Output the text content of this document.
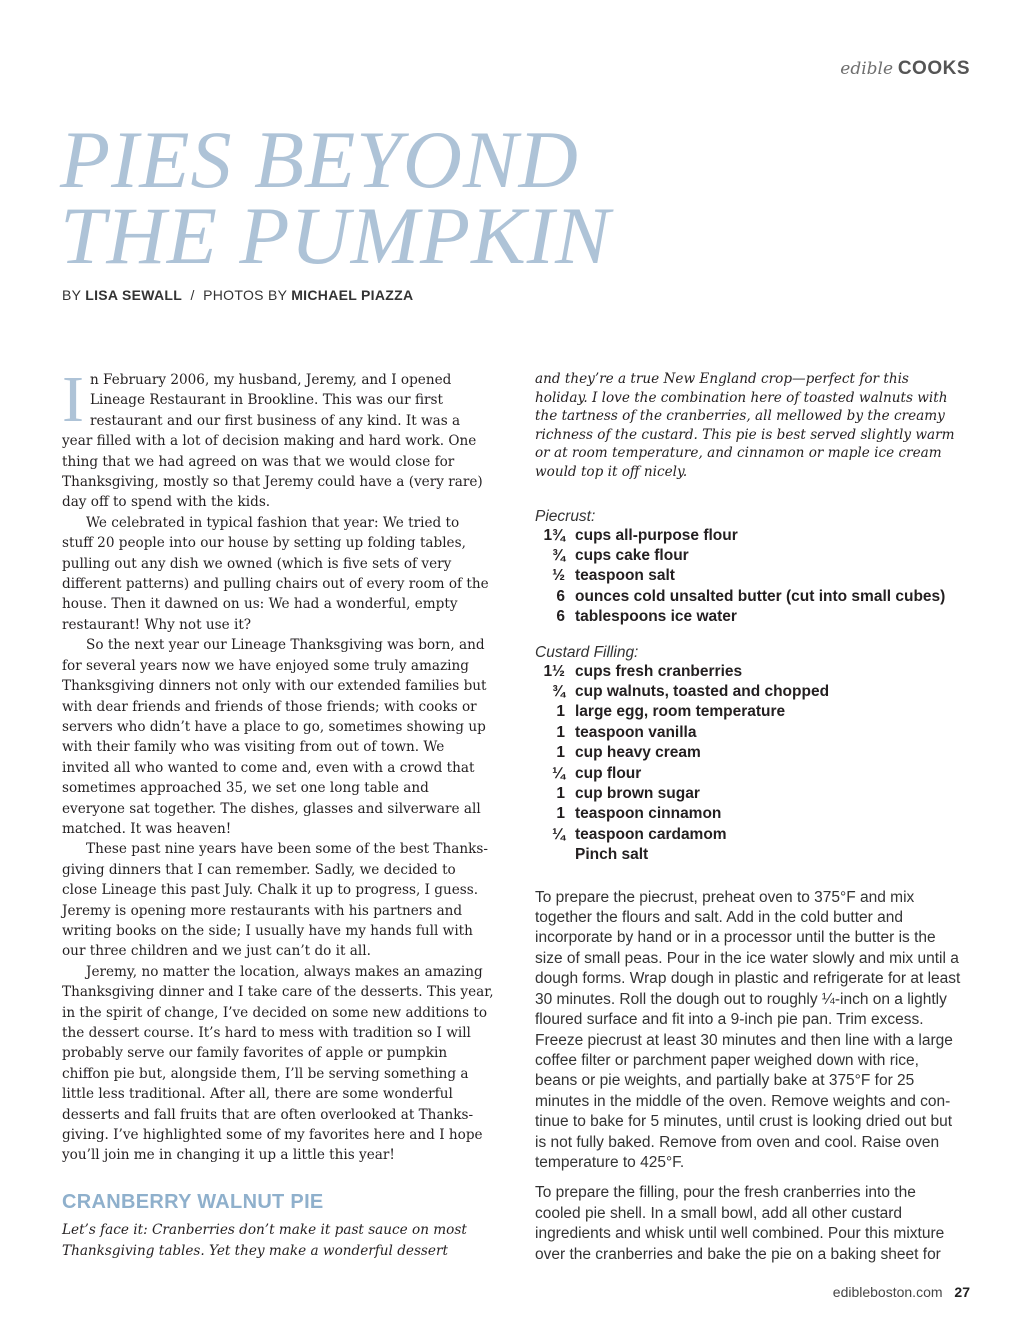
edible COOKS
PIES BEYOND
THE PUMPKIN
BY LISA SEWALL / PHOTOS BY MICHAEL PIAZZA

In February 2006, my husband, Jeremy, and I opened Lineage Restaurant in Brookline. This was our first restaurant and our first business of any kind. It was a year filled with a lot of decision making and hard work. One thing that we had agreed on was that we would close for Thanksgiving, mostly so that Jeremy could have a (very rare) day off to spend with the kids.

We celebrated in typical fashion that year: We tried to stuff 20 people into our house by setting up folding tables, pulling out any dish we owned (which is five sets of very different patterns) and pulling chairs out of every room of the house. Then it dawned on us: We had a wonderful, empty restaurant! Why not use it?

So the next year our Lineage Thanksgiving was born, and for several years now we have enjoyed some truly amazing Thanksgiving dinners not only with our extended families but with dear friends and friends of those friends; with cooks or servers who didn’t have a place to go, sometimes showing up with their family who was visiting from out of town. We invited all who wanted to come and, even with a crowd that sometimes approached 35, we set one long table and everyone sat together. The dishes, glasses and silverware all matched. It was heaven!

These past nine years have been some of the best Thanksgiving dinners that I can remember. Sadly, we decided to close Lineage this past July. Chalk it up to progress, I guess. Jeremy is opening more restaurants with his partners and writing books on the side; I usually have my hands full with our three children and we just can’t do it all.

Jeremy, no matter the location, always makes an amazing Thanksgiving dinner and I take care of the desserts. This year, in the spirit of change, I’ve decided on some new additions to the dessert course. It’s hard to mess with tradition so I will probably serve our family favorites of apple or pumpkin chiffon pie but, alongside them, I’ll be serving something a little less traditional. After all, there are some wonderful desserts and fall fruits that are often overlooked at Thanksgiving. I’ve highlighted some of my favorites here and I hope you’ll join me in changing it up a little this year!

CRANBERRY WALNUT PIE

Let’s face it: Cranberries don’t make it past sauce on most Thanksgiving tables. Yet they make a wonderful dessert

and they’re a true New England crop—perfect for this holiday. I love the combination here of toasted walnuts with the tartness of the cranberries, all mellowed by the creamy richness of the custard. This pie is best served slightly warm or at room temperature, and cinnamon or maple ice cream would top it off nicely.

Piecrust:

1¾ cups all-purpose flour
¾ cups cake flour
½ teaspoon salt
6 ounces cold unsalted butter (cut into small cubes)
6 tablespoons ice water

Custard Filling:

1½ cups fresh cranberries
¾ cup walnuts, toasted and chopped
1 large egg, room temperature
1 teaspoon vanilla
1 cup heavy cream
¼ cup flour
1 cup brown sugar
1 teaspoon cinnamon
¼ teaspoon cardamom
Pinch salt

To prepare the piecrust, preheat oven to 375°F and mix together the flours and salt. Add in the cold butter and incorporate by hand or in a processor until the butter is the size of small peas. Pour in the ice water slowly and mix until a dough forms. Wrap dough in plastic and refrigerate for at least 30 minutes. Roll the dough out to roughly ¼-inch on a lightly floured surface and fit into a 9-inch pie pan. Trim excess. Freeze piecrust at least 30 minutes and then line with a large coffee filter or parchment paper weighed down with rice, beans or pie weights, and partially bake at 375°F for 25 minutes in the middle of the oven. Remove weights and continue to bake for 5 minutes, until crust is looking dried out but is not fully baked. Remove from oven and cool. Raise oven temperature to 425°F.

To prepare the filling, pour the fresh cranberries into the cooled pie shell. In a small bowl, add all other custard ingredients and whisk until well combined. Pour this mixture over the cranberries and bake the pie on a baking sheet for

edibleboston.com 27
